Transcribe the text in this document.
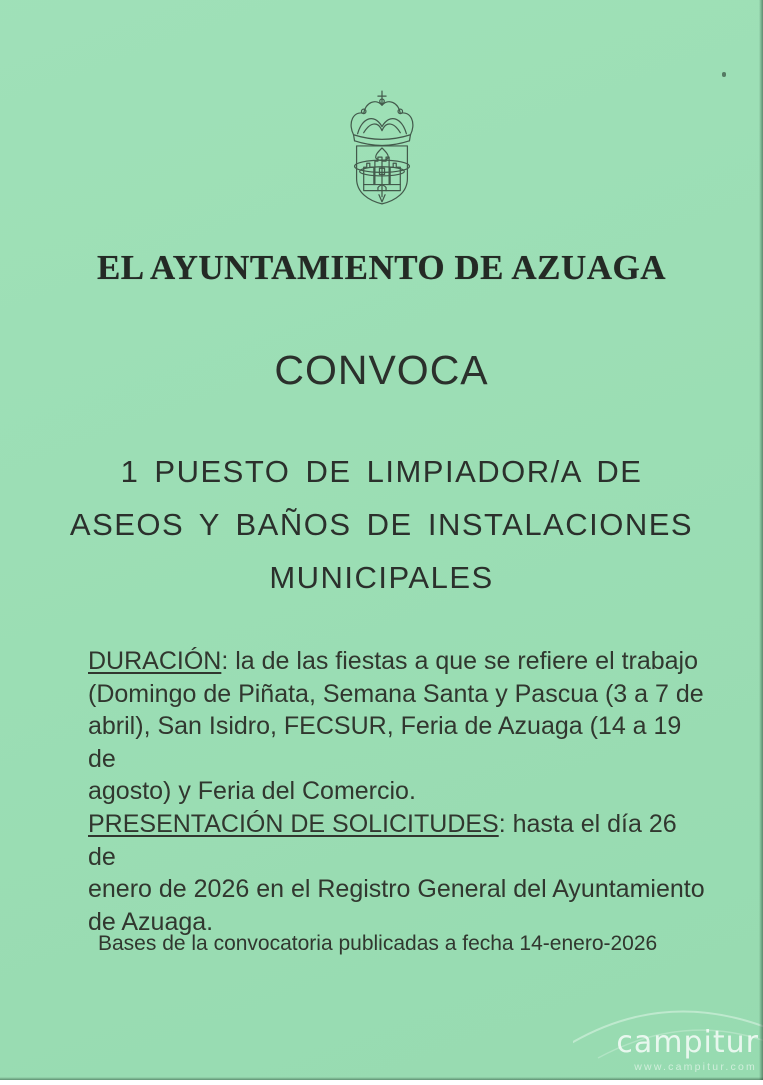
EL AYUNTAMIENTO DE AZUAGA
CONVOCA
1 PUESTO DE LIMPIADOR/A DE
ASEOS Y BAÑOS DE INSTALACIONES
MUNICIPALES
DURACIÓN: la de las fiestas a que se refiere el trabajo
(Domingo de Piñata, Semana Santa y Pascua (3 a 7 de
abril), San Isidro, FECSUR, Feria de Azuaga (14 a 19 de
agosto) y Feria del Comercio.
PRESENTACIÓN DE SOLICITUDES: hasta el día 26 de
enero de 2026 en el Registro General del Ayuntamiento
de Azuaga.
Bases de la convocatoria publicadas a fecha 14-enero-2026
campitur
www.campitur.com
